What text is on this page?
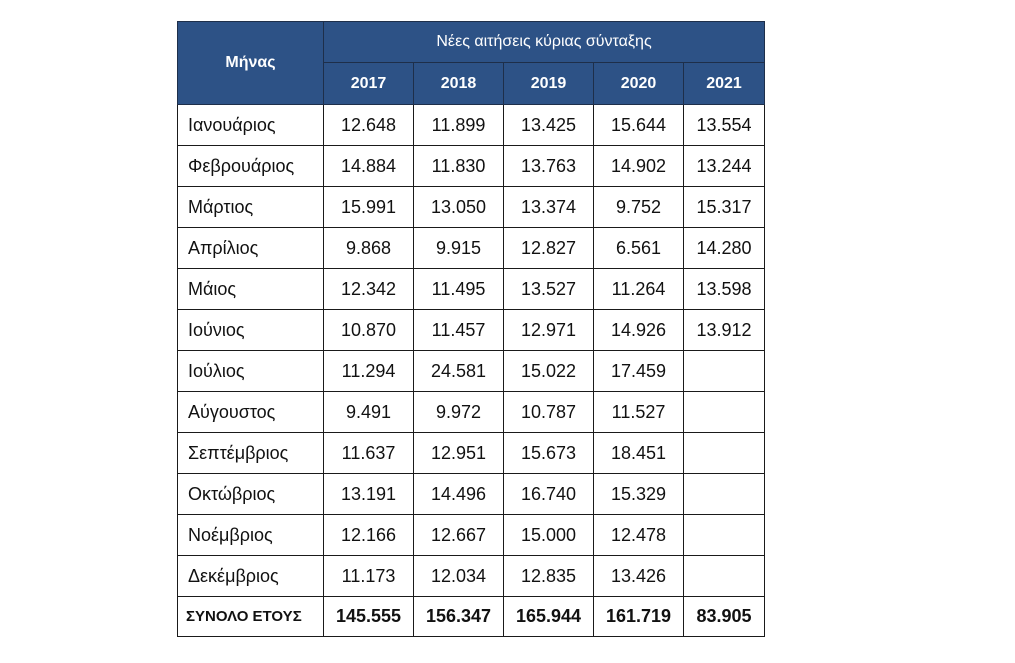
Μήνας	Νέες αιτήσεις κύριας σύνταξης				
	2017	2018	2019	2020	2021
Ιανουάριος	12.648	11.899	13.425	15.644	13.554
Φεβρουάριος	14.884	11.830	13.763	14.902	13.244
Μάρτιος	15.991	13.050	13.374	9.752	15.317
Απρίλιος	9.868	9.915	12.827	6.561	14.280
Μάιος	12.342	11.495	13.527	11.264	13.598
Ιούνιος	10.870	11.457	12.971	14.926	13.912
Ιούλιος	11.294	24.581	15.022	17.459	
Αύγουστος	9.491	9.972	10.787	11.527	
Σεπτέμβριος	11.637	12.951	15.673	18.451	
Οκτώβριος	13.191	14.496	16.740	15.329	
Νοέμβριος	12.166	12.667	15.000	12.478	
Δεκέμβριος	11.173	12.034	12.835	13.426	
ΣΥΝΟΛΟ ΕΤΟΥΣ	145.555	156.347	165.944	161.719	83.905
